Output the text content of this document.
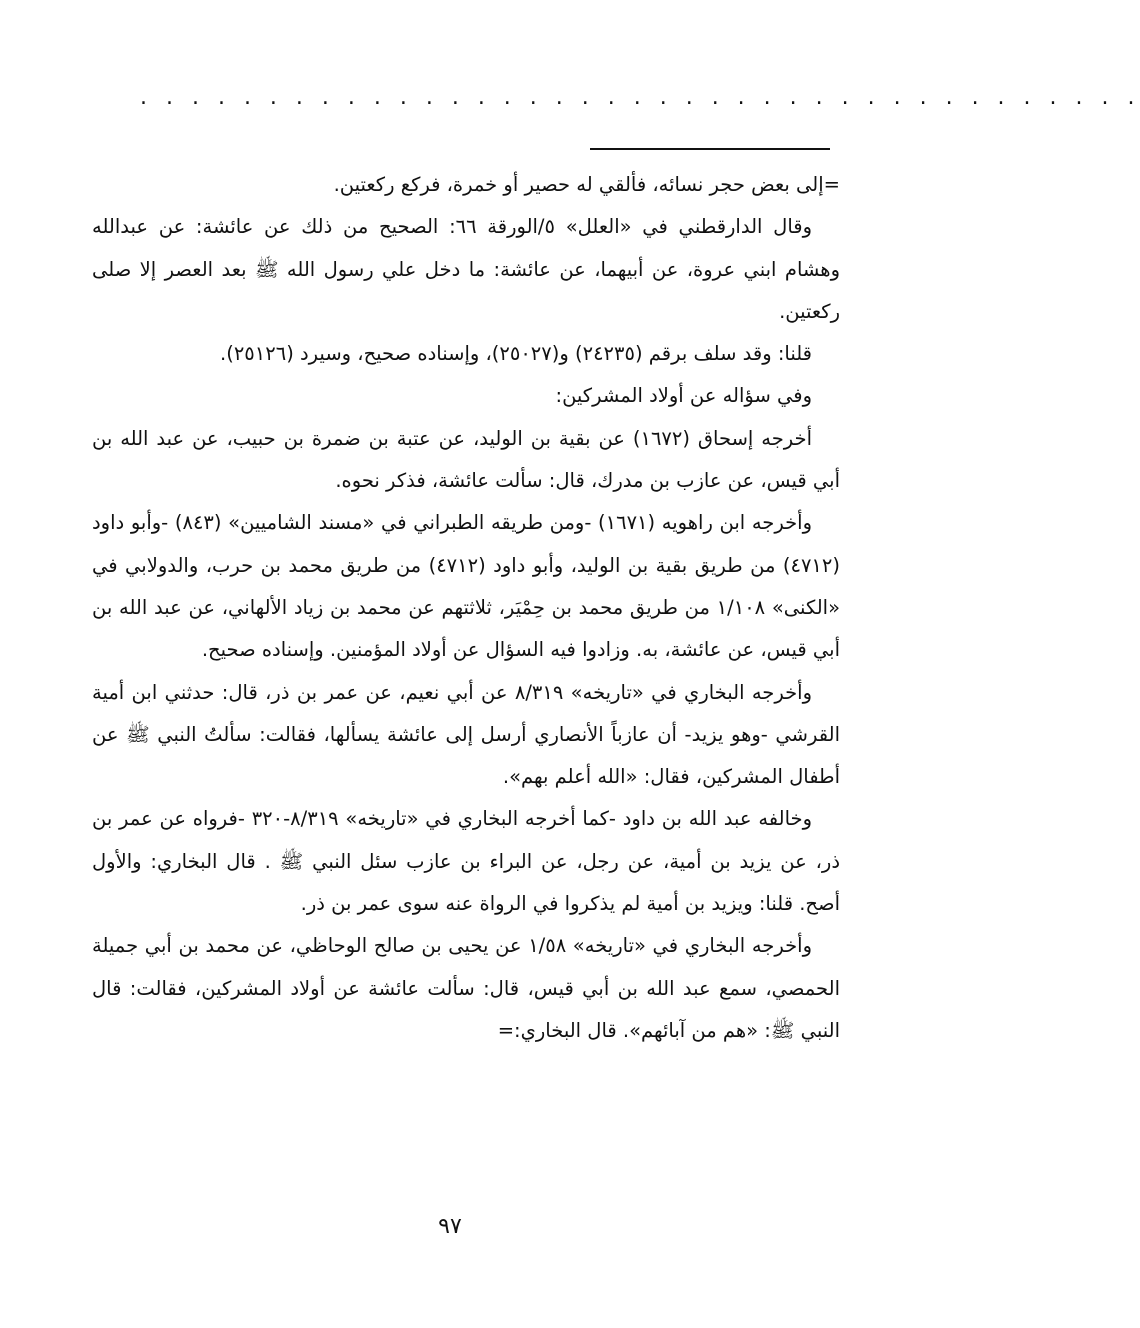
. . . . . . . . . . . . . . . . . . . . . . . . . . . . . . . . . . . . . . .

=إلى بعض حجر نسائه، فألقي له حصير أو خمرة، فركع ركعتين.

وقال الدارقطني في «العلل» ٥/الورقة ٦٦: الصحيح من ذلك عن عائشة: عن عبدالله وهشام ابني عروة، عن أبيهما، عن عائشة: ما دخل علي رسول الله ﷺ بعد العصر إلا صلى ركعتين.

قلنا: وقد سلف برقم (٢٤٢٣٥) و(٢٥٠٢٧)، وإسناده صحيح، وسيرد (٢٥١٢٦).

وفي سؤاله عن أولاد المشركين:

أخرجه إسحاق (١٦٧٢) عن بقية بن الوليد، عن عتبة بن ضمرة بن حبيب، عن عبد الله بن أبي قيس، عن عازب بن مدرك، قال: سألت عائشة، فذكر نحوه.

وأخرجه ابن راهويه (١٦٧١) -ومن طريقه الطبراني في «مسند الشاميين» (٨٤٣) -وأبو داود (٤٧١٢) من طريق بقية بن الوليد، وأبو داود (٤٧١٢) من طريق محمد بن حرب، والدولابي في «الكنى» ١/١٠٨ من طريق محمد بن حِمْيَر، ثلاثتهم عن محمد بن زياد الألهاني، عن عبد الله بن أبي قيس، عن عائشة، به. وزادوا فيه السؤال عن أولاد المؤمنين. وإسناده صحيح.

وأخرجه البخاري في «تاريخه» ٨/٣١٩ عن أبي نعيم، عن عمر بن ذر، قال: حدثني ابن أمية القرشي -وهو يزيد- أن عازباً الأنصاري أرسل إلى عائشة يسألها، فقالت: سألتُ النبي ﷺ عن أطفال المشركين، فقال: «الله أعلم بهم».

وخالفه عبد الله بن داود -كما أخرجه البخاري في «تاريخه» ٨/٣١٩-٣٢٠ -فرواه عن عمر بن ذر، عن يزيد بن أمية، عن رجل، عن البراء بن عازب سئل النبي ﷺ . قال البخاري: والأول أصح. قلنا: ويزيد بن أمية لم يذكروا في الرواة عنه سوى عمر بن ذر.

وأخرجه البخاري في «تاريخه» ١/٥٨ عن يحيى بن صالح الوحاظي، عن محمد بن أبي جميلة الحمصي، سمع عبد الله بن أبي قيس، قال: سألت عائشة عن أولاد المشركين، فقالت: قال النبي ﷺ: «هم من آبائهم». قال البخاري:=

٩٧
